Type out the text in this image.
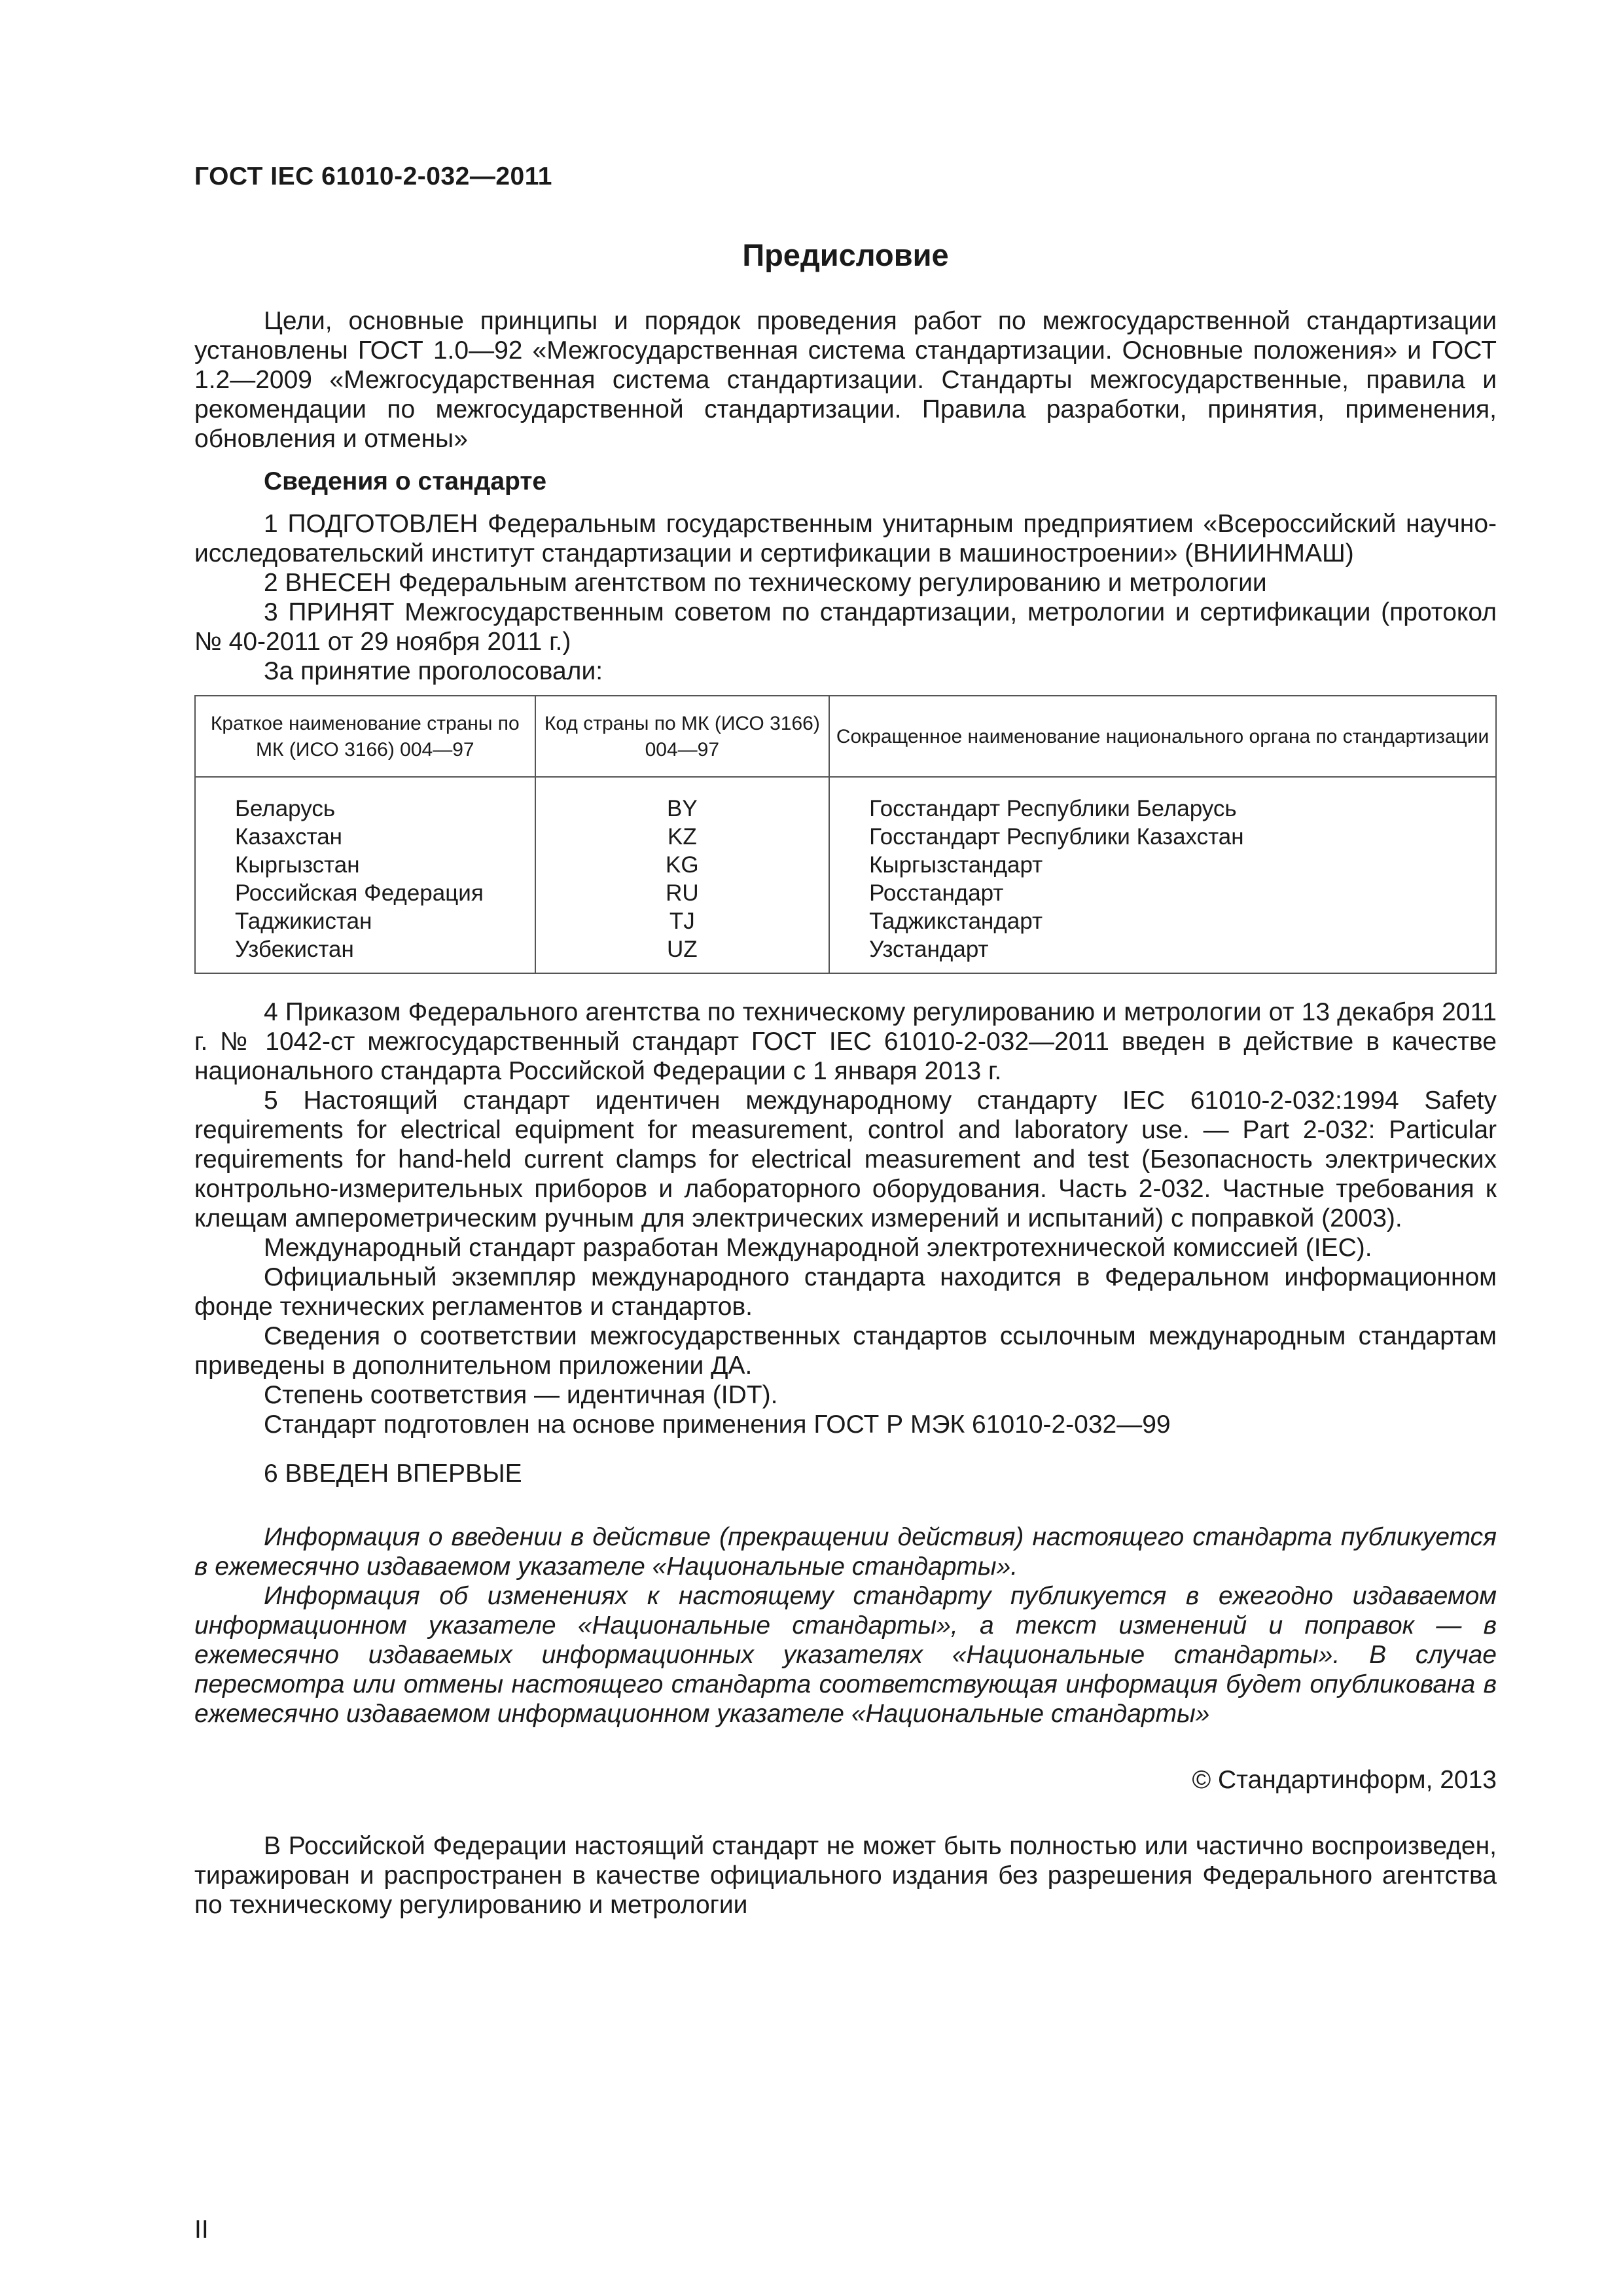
ГОСТ IEC 61010-2-032—2011
Предисловие

Цели, основные принципы и порядок проведения работ по межгосударственной стандартизации установлены ГОСТ 1.0—92 «Межгосударственная система стандартизации. Основные положения» и ГОСТ 1.2—2009 «Межгосударственная система стандартизации. Стандарты межгосударственные, правила и рекомендации по межгосударственной стандартизации. Правила разработки, принятия, применения, обновления и отмены»

Сведения о стандарте

1 ПОДГОТОВЛЕН Федеральным государственным унитарным предприятием «Всероссийский научно-исследовательский институт стандартизации и сертификации в машиностроении» (ВНИИНМАШ)

2 ВНЕСЕН Федеральным агентством по техническому регулированию и метрологии

3 ПРИНЯТ Межгосударственным советом по стандартизации, метрологии и сертификации (протокол № 40-2011 от 29 ноября 2011 г.)

За принятие проголосовали:

Краткое наименование страны по МК (ИСО 3166) 004—97	Код страны по МК (ИСО 3166) 004—97	Сокращенное наименование национального органа по стандартизации

Беларусь	BY	Госстандарт Республики Беларусь
Казахстан	KZ	Госстандарт Республики Казахстан
Кыргызстан	KG	Кыргызстандарт
Российская Федерация	RU	Росстандарт
Таджикистан	TJ	Таджикстандарт
Узбекистан	UZ	Узстандарт

4 Приказом Федерального агентства по техническому регулированию и метрологии от 13 декабря 2011 г. № 1042-ст межгосударственный стандарт ГОСТ IEC 61010-2-032—2011 введен в действие в качестве национального стандарта Российской Федерации с 1 января 2013 г.

5 Настоящий стандарт идентичен международному стандарту IEC 61010-2-032:1994 Safety requirements for electrical equipment for measurement, control and laboratory use. — Part 2-032: Particular requirements for hand-held current clamps for electrical measurement and test (Безопасность электрических контрольно-измерительных приборов и лабораторного оборудования. Часть 2-032. Частные требования к клещам амперометрическим ручным для электрических измерений и испытаний) с поправкой (2003).

Международный стандарт разработан Международной электротехнической комиссией (IEC).

Официальный экземпляр международного стандарта находится в Федеральном информационном фонде технических регламентов и стандартов.

Сведения о соответствии межгосударственных стандартов ссылочным международным стандартам приведены в дополнительном приложении ДА.

Степень соответствия — идентичная (IDT).

Стандарт подготовлен на основе применения ГОСТ Р МЭК 61010-2-032—99

6 ВВЕДЕН ВПЕРВЫЕ

Информация о введении в действие (прекращении действия) настоящего стандарта публикуется в ежемесячно издаваемом указателе «Национальные стандарты».

Информация об изменениях к настоящему стандарту публикуется в ежегодно издаваемом информационном указателе «Национальные стандарты», а текст изменений и поправок — в ежемесячно издаваемых информационных указателях «Национальные стандарты». В случае пересмотра или отмены настоящего стандарта соответствующая информация будет опубликована в ежемесячно издаваемом информационном указателе «Национальные стандарты»

© Стандартинформ, 2013

В Российской Федерации настоящий стандарт не может быть полностью или частично воспроизведен, тиражирован и распространен в качестве официального издания без разрешения Федерального агентства по техническому регулированию и метрологии

II
